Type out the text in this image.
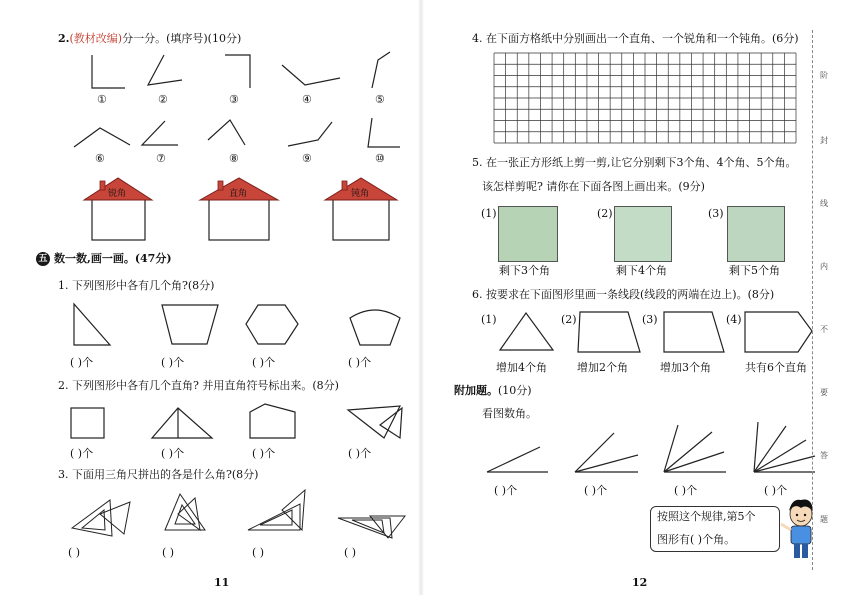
2.(教材改编)分一分。(填序号)(10分)
①	②	③	④	⑤
⑥	⑦	⑧	⑨	⑩
锐角	直角	钝角
五 数一数,画一画。(47分)
1. 下列图形中各有几个角?(8分)
( )个	( )个	( )个	( )个
2. 下列图形中各有几个直角? 并用直角符号标出来。(8分)
( )个	( )个	( )个	( )个
3. 下面用三角尺拼出的各是什么角?(8分)
( )	( )	( )	( )
11
4. 在下面方格纸中分别画出一个直角、一个锐角和一个钝角。(6分)
5. 在一张正方形纸上剪一剪,让它分别剩下3个角、4个角、5个角。
该怎样剪呢? 请你在下面各图上画出来。(9分)
(1)
剩下3个角
(2)
剩下4个角
(3)
剩下5个角
6. 按要求在下面图形里画一条线段(线段的两端在边上)。(8分)
(1)	(2)	(3)	(4)
增加4个角	增加2个角	增加3个角	共有6个直角
附加题。(10分)
看图数角。
( )个	( )个	( )个	( )个
按照这个规律,第5个
图形有( )个角。
12
阶
封
线
内
不
要
答
题
